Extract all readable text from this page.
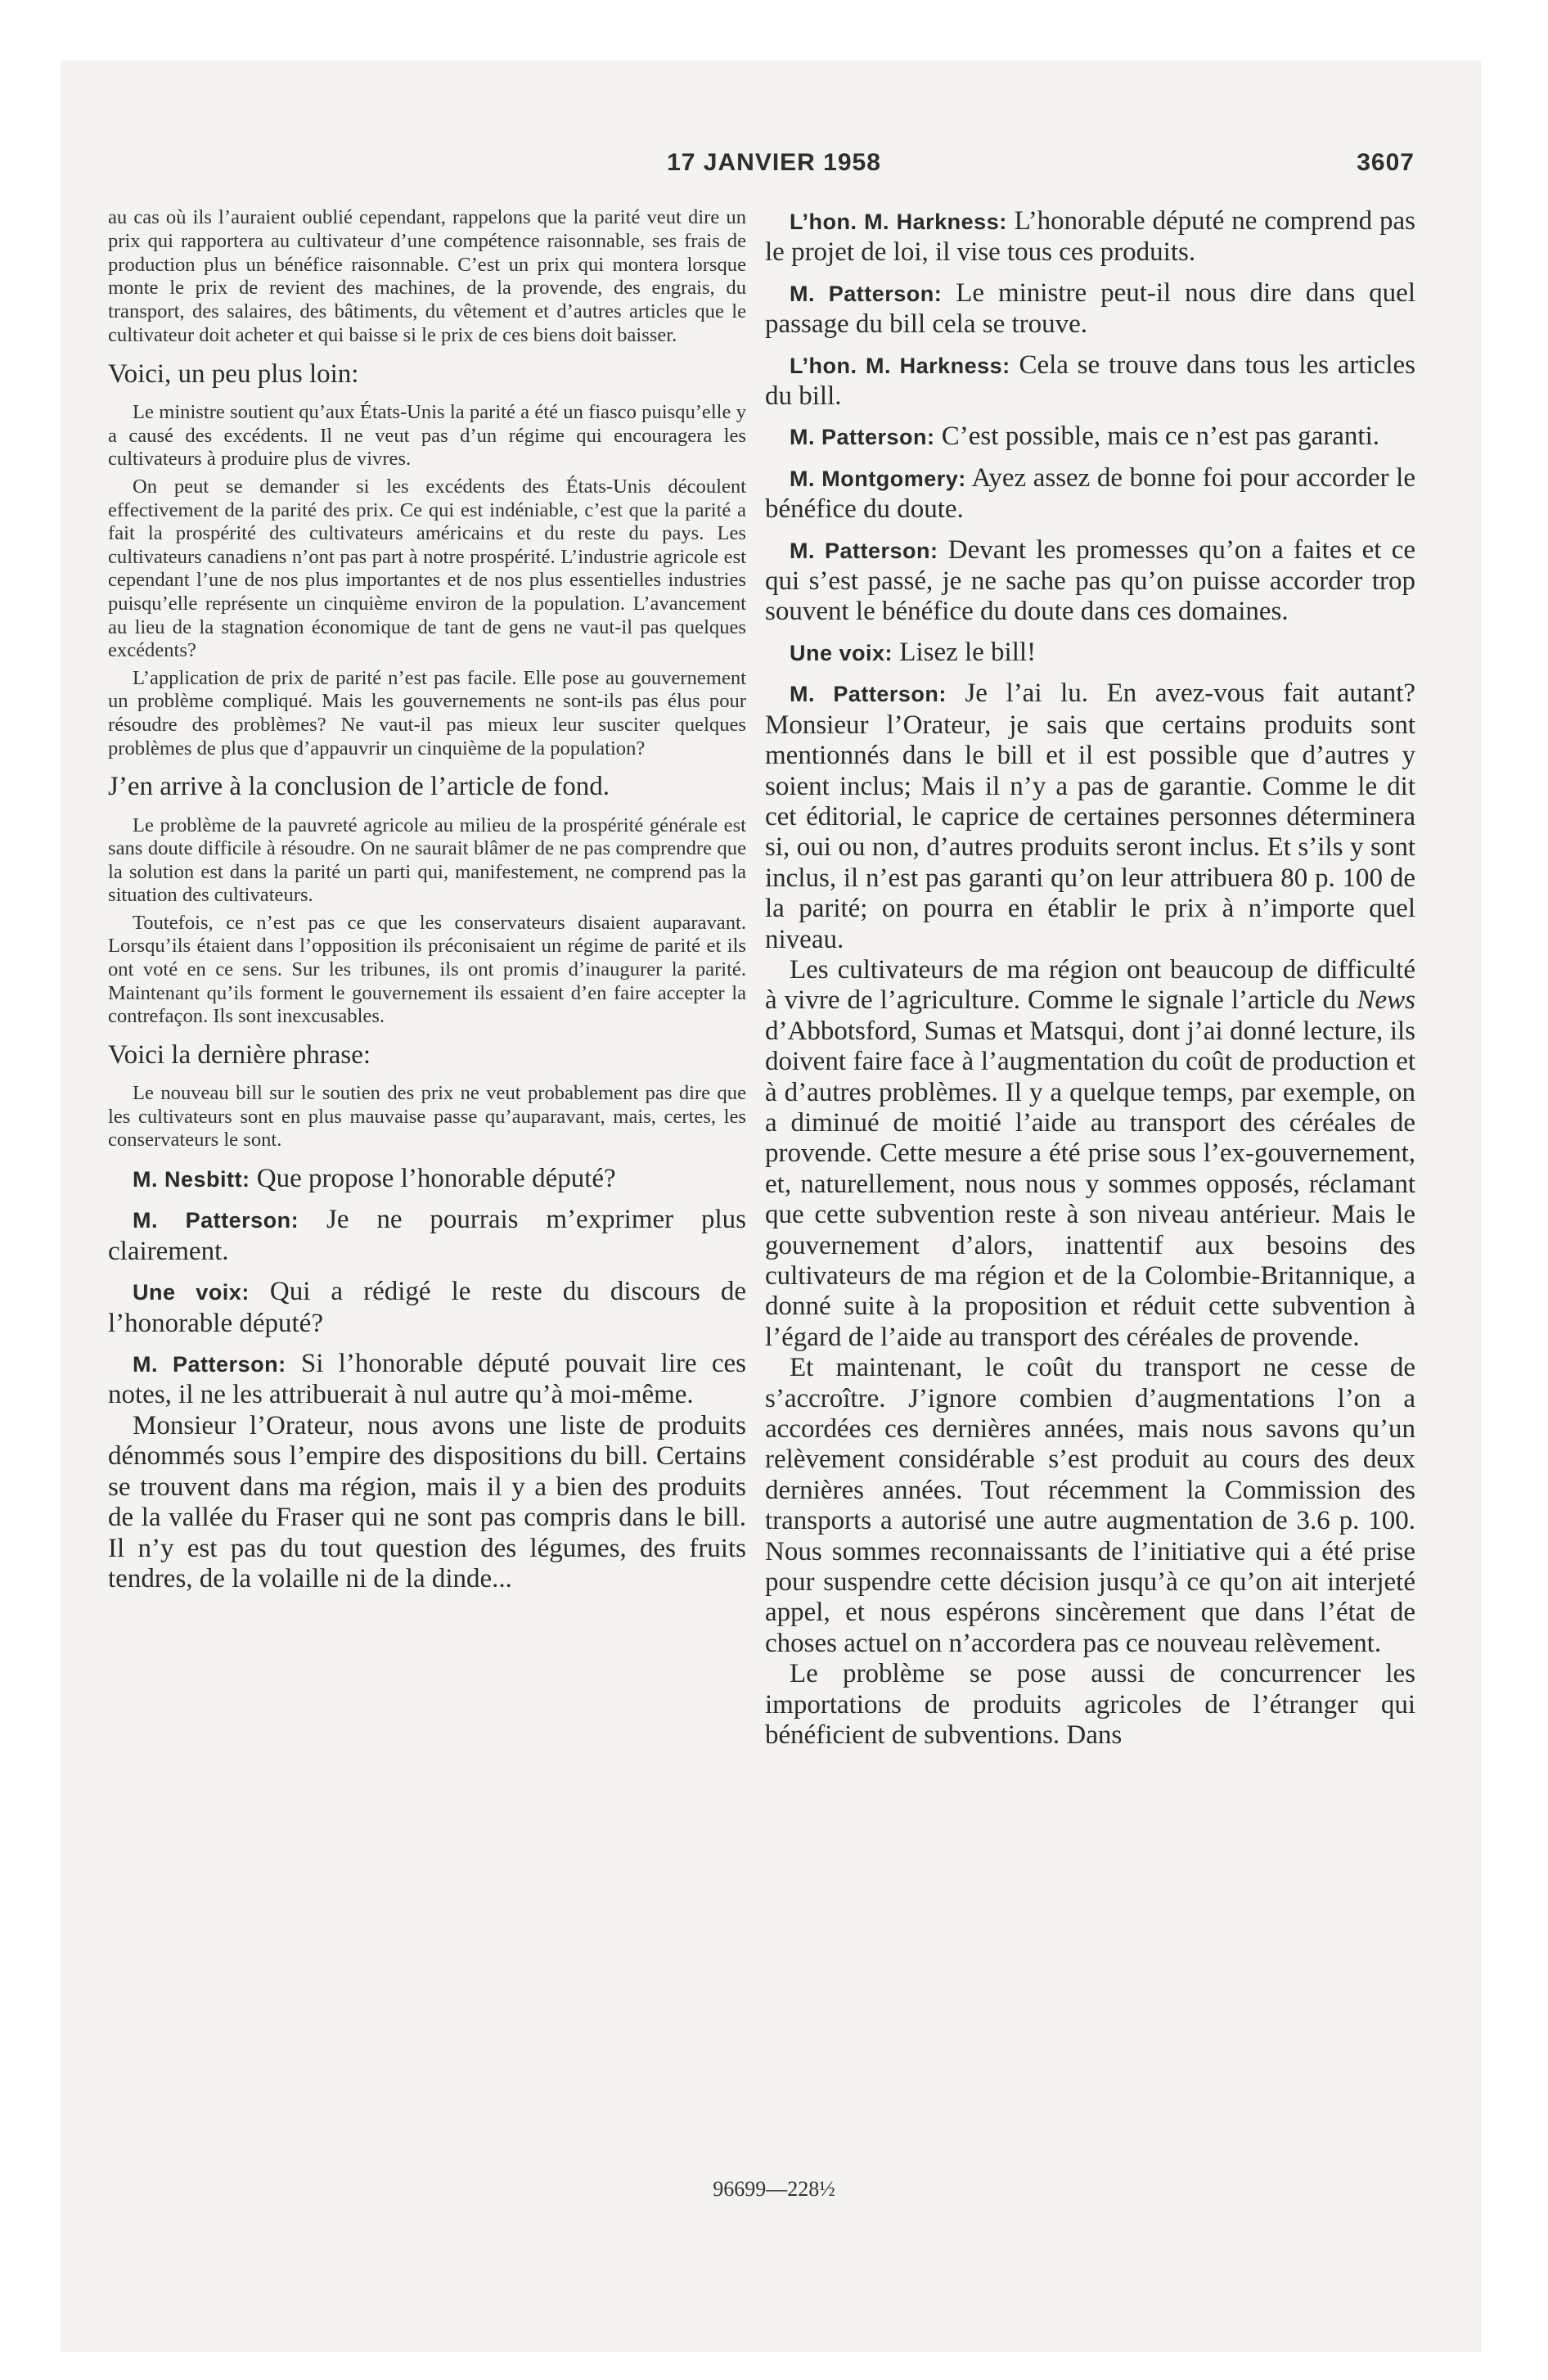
17 JANVIER 1958	3607

au cas où ils l’auraient oublié cependant, rappelons que la parité veut dire un prix qui rapportera au cultivateur d’une compétence raisonnable, ses frais de production plus un bénéfice raisonnable. C’est un prix qui montera lorsque monte le prix de revient des machines, de la provende, des engrais, du transport, des salaires, des bâtiments, du vêtement et d’autres articles que le cultivateur doit acheter et qui baisse si le prix de ces biens doit baisser.

Voici, un peu plus loin:

Le ministre soutient qu’aux États-Unis la parité a été un fiasco puisqu’elle y a causé des excédents. Il ne veut pas d’un régime qui encouragera les cultivateurs à produire plus de vivres.

On peut se demander si les excédents des États-Unis découlent effectivement de la parité des prix. Ce qui est indéniable, c’est que la parité a fait la prospérité des cultivateurs américains et du reste du pays. Les cultivateurs canadiens n’ont pas part à notre prospérité. L’industrie agricole est cependant l’une de nos plus importantes et de nos plus essentielles industries puisqu’elle représente un cinquième environ de la population. L’avancement au lieu de la stagnation économique de tant de gens ne vaut-il pas quelques excédents?

L’application de prix de parité n’est pas facile. Elle pose au gouvernement un problème compliqué. Mais les gouvernements ne sont-ils pas élus pour résoudre des problèmes? Ne vaut-il pas mieux leur susciter quelques problèmes de plus que d’appauvrir un cinquième de la population?

J’en arrive à la conclusion de l’article de fond.

Le problème de la pauvreté agricole au milieu de la prospérité générale est sans doute difficile à résoudre. On ne saurait blâmer de ne pas comprendre que la solution est dans la parité un parti qui, manifestement, ne comprend pas la situation des cultivateurs.

Toutefois, ce n’est pas ce que les conservateurs disaient auparavant. Lorsqu’ils étaient dans l’opposition ils préconisaient un régime de parité et ils ont voté en ce sens. Sur les tribunes, ils ont promis d’inaugurer la parité. Maintenant qu’ils forment le gouvernement ils essaient d’en faire accepter la contrefaçon. Ils sont inexcusables.

Voici la dernière phrase:

Le nouveau bill sur le soutien des prix ne veut probablement pas dire que les cultivateurs sont en plus mauvaise passe qu’auparavant, mais, certes, les conservateurs le sont.

M. Nesbitt: Que propose l’honorable député?

M. Patterson: Je ne pourrais m’exprimer plus clairement.

Une voix: Qui a rédigé le reste du discours de l’honorable député?

M. Patterson: Si l’honorable député pouvait lire ces notes, il ne les attribuerait à nul autre qu’à moi-même.

Monsieur l’Orateur, nous avons une liste de produits dénommés sous l’empire des dispositions du bill. Certains se trouvent dans ma région, mais il y a bien des produits de la vallée du Fraser qui ne sont pas compris dans le bill. Il n’y est pas du tout question des légumes, des fruits tendres, de la volaille ni de la dinde...

L’hon. M. Harkness: L’honorable député ne comprend pas le projet de loi, il vise tous ces produits.

M. Patterson: Le ministre peut-il nous dire dans quel passage du bill cela se trouve.

L’hon. M. Harkness: Cela se trouve dans tous les articles du bill.

M. Patterson: C’est possible, mais ce n’est pas garanti.

M. Montgomery: Ayez assez de bonne foi pour accorder le bénéfice du doute.

M. Patterson: Devant les promesses qu’on a faites et ce qui s’est passé, je ne sache pas qu’on puisse accorder trop souvent le bénéfice du doute dans ces domaines.

Une voix: Lisez le bill!

M. Patterson: Je l’ai lu. En avez-vous fait autant? Monsieur l’Orateur, je sais que certains produits sont mentionnés dans le bill et il est possible que d’autres y soient inclus; Mais il n’y a pas de garantie. Comme le dit cet éditorial, le caprice de certaines personnes déterminera si, oui ou non, d’autres produits seront inclus. Et s’ils y sont inclus, il n’est pas garanti qu’on leur attribuera 80 p. 100 de la parité; on pourra en établir le prix à n’importe quel niveau.

Les cultivateurs de ma région ont beaucoup de difficulté à vivre de l’agriculture. Comme le signale l’article du News d’Abbotsford, Sumas et Matsqui, dont j’ai donné lecture, ils doivent faire face à l’augmentation du coût de production et à d’autres problèmes. Il y a quelque temps, par exemple, on a diminué de moitié l’aide au transport des céréales de provende. Cette mesure a été prise sous l’ex-gouvernement, et, naturellement, nous nous y sommes opposés, réclamant que cette subvention reste à son niveau antérieur. Mais le gouvernement d’alors, inattentif aux besoins des cultivateurs de ma région et de la Colombie-Britannique, a donné suite à la proposition et réduit cette subvention à l’égard de l’aide au transport des céréales de provende.

Et maintenant, le coût du transport ne cesse de s’accroître. J’ignore combien d’augmentations l’on a accordées ces dernières années, mais nous savons qu’un relèvement considérable s’est produit au cours des deux dernières années. Tout récemment la Commission des transports a autorisé une autre augmentation de 3.6 p. 100. Nous sommes reconnaissants de l’initiative qui a été prise pour suspendre cette décision jusqu’à ce qu’on ait interjeté appel, et nous espérons sincèrement que dans l’état de choses actuel on n’accordera pas ce nouveau relèvement.

Le problème se pose aussi de concurrencer les importations de produits agricoles de l’étranger qui bénéficient de subventions. Dans

96699—228½
